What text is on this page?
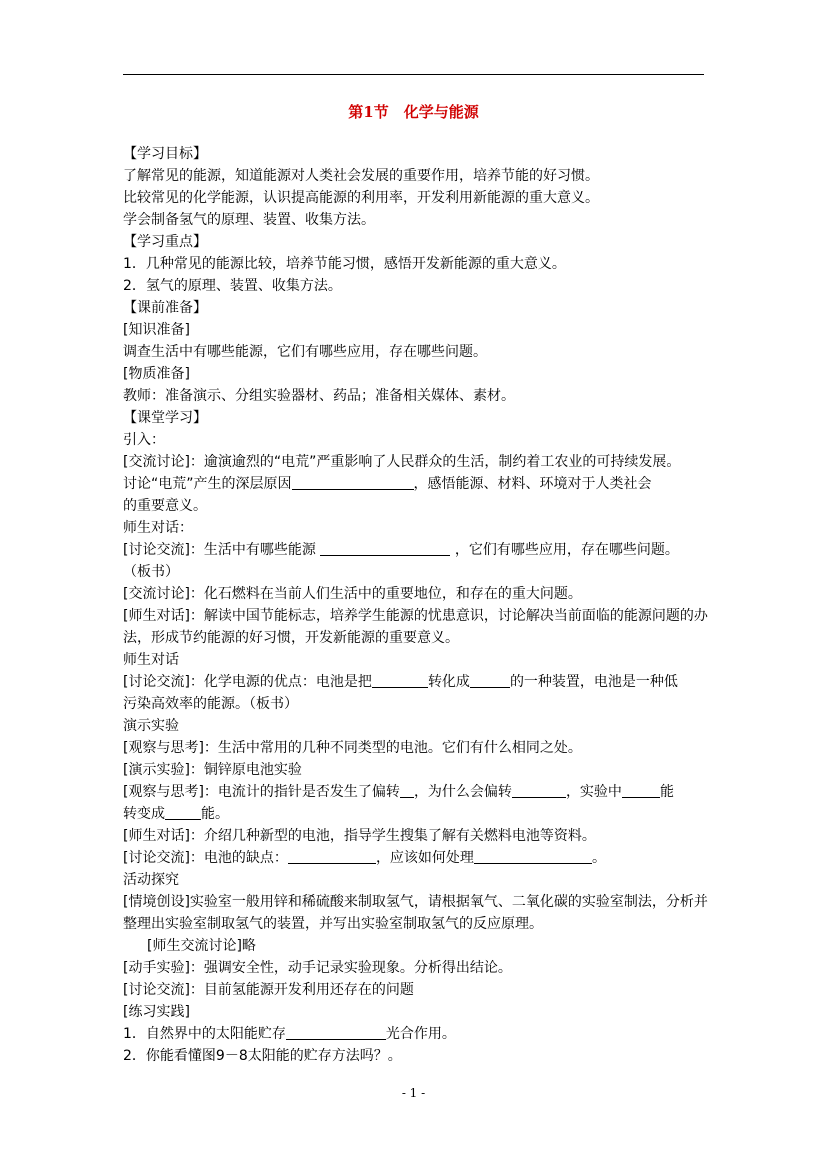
第1节　化学与能源
【学习目标】
了解常见的能源，知道能源对人类社会发展的重要作用，培养节能的好习惯。
比较常见的化学能源，认识提高能源的利用率，开发利用新能源的重大意义。
学会制备氢气的原理、装置、收集方法。
【学习重点】
1．几种常见的能源比较，培养节能习惯，感悟开发新能源的重大意义。
2．氢气的原理、装置、收集方法。
【课前准备】
[知识准备]
调查生活中有哪些能源，它们有哪些应用，存在哪些问题。
[物质准备]
教师：准备演示、分组实验器材、药品；准备相关媒体、素材。
【课堂学习】
引入：
[交流讨论]：逾演逾烈的“电荒”严重影响了人民群众的生活，制约着工农业的可持续发展。
讨论“电荒”产生的深层原因	，感悟能源、材料、环境对于人类社会
的重要意义。
师生对话：
[讨论交流]：生活中有哪些能源	，它们有哪些应用，存在哪些问题。
（板书）
[交流讨论]：化石燃料在当前人们生活中的重要地位，和存在的重大问题。
[师生对话]：解读中国节能标志，培养学生能源的忧患意识，讨论解决当前面临的能源问题的办法，形成节约能源的好习惯，开发新能源的重要意义。
师生对话
[讨论交流]：化学电源的优点：电池是把	转化成	的一种装置，电池是一种低
污染高效率的能源。（板书）
演示实验
[观察与思考]：生活中常用的几种不同类型的电池。它们有什么相同之处。
[演示实验]：铜锌原电池实验
[观察与思考]：电流计的指针是否发生了偏转 ，为什么会偏转	，实验中	能
转变成	能。
[师生对话]：介绍几种新型的电池，指导学生搜集了解有关燃料电池等资料。
[讨论交流]：电池的缺点：	，应该如何处理	。
活动探究
[情境创设]实验室一般用锌和稀硫酸来制取氢气，请根据氧气、二氧化碳的实验室制法，分析并整理出实验室制取氢气的装置，并写出实验室制取氢气的反应原理。
[师生交流讨论]略
[动手实验]：强调安全性，动手记录实验现象。分析得出结论。
[讨论交流]：目前氢能源开发利用还存在的问题
[练习实践]
1．自然界中的太阳能贮存	光合作用。
2．你能看懂图9－8太阳能的贮存方法吗？。
- 1 -
